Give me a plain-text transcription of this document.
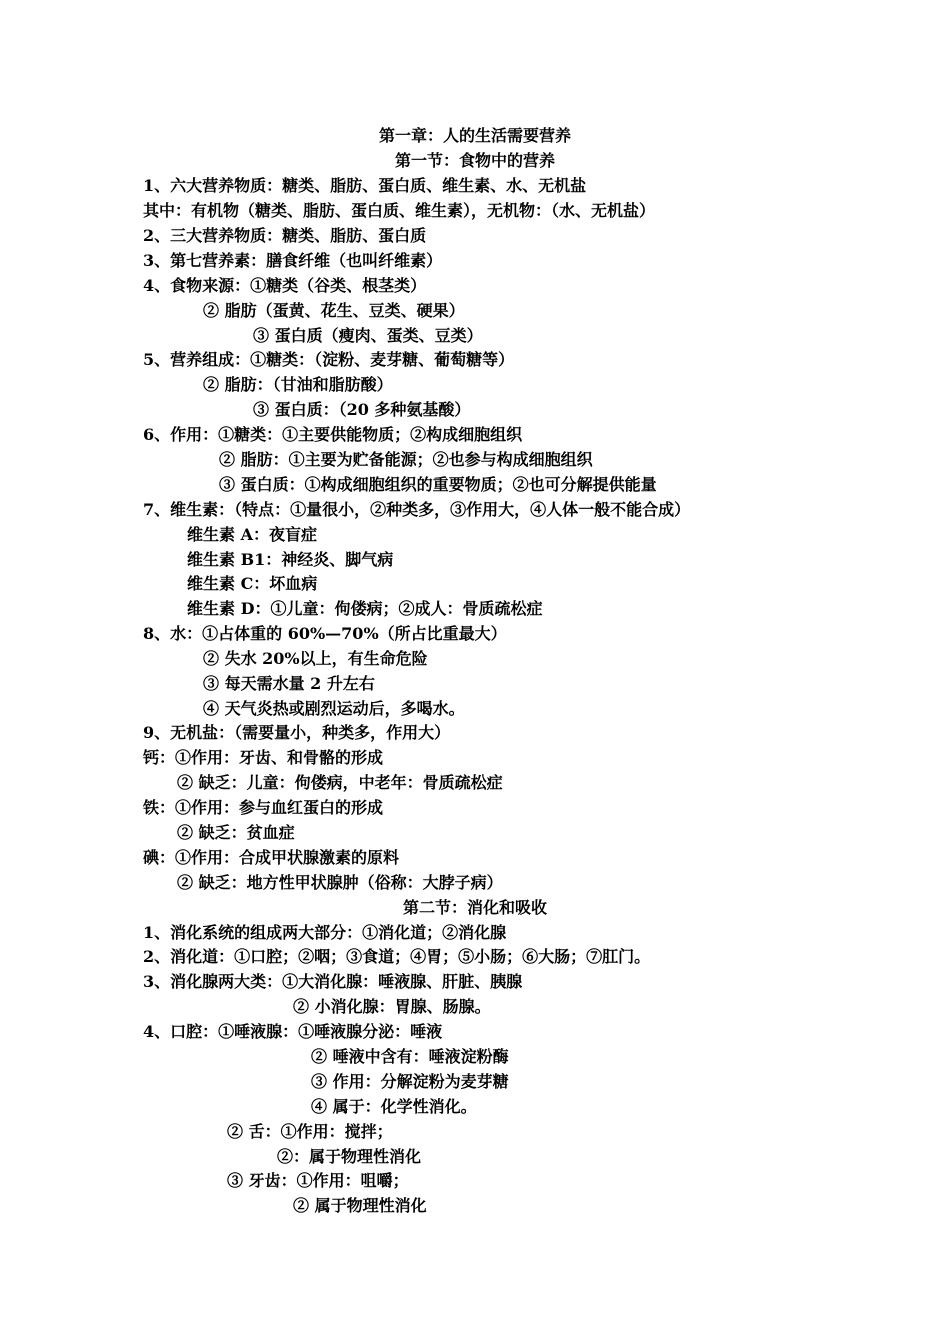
第一章：人的生活需要营养
第一节：食物中的营养
1、六大营养物质：糖类、脂肪、蛋白质、维生素、水、无机盐
其中：有机物（糖类、脂肪、蛋白质、维生素），无机物：（水、无机盐）
2、三大营养物质：糖类、脂肪、蛋白质
3、第七营养素：膳食纤维（也叫纤维素）
4、食物来源：①糖类（谷类、根茎类）
② 脂肪（蛋黄、花生、豆类、硬果）
③ 蛋白质（瘦肉、蛋类、豆类）
5、营养组成：①糖类：（淀粉、麦芽糖、葡萄糖等）
② 脂肪：（甘油和脂肪酸）
③ 蛋白质：（20 多种氨基酸）
6、作用：①糖类：①主要供能物质；②构成细胞组织
② 脂肪：①主要为贮备能源；②也参与构成细胞组织
③ 蛋白质：①构成细胞组织的重要物质；②也可分解提供能量
7、维生素：（特点：①量很小，②种类多，③作用大，④人体一般不能合成）
维生素 A：夜盲症
维生素 B1：神经炎、脚气病
维生素 C：坏血病
维生素 D：①儿童：佝偻病；②成人：骨质疏松症
8、水：①占体重的 60%—70%（所占比重最大）
② 失水 20%以上，有生命危险
③ 每天需水量 2 升左右
④ 天气炎热或剧烈运动后，多喝水。
9、无机盐：（需要量小，种类多，作用大）
钙：①作用：牙齿、和骨骼的形成
② 缺乏：儿童：佝偻病，中老年：骨质疏松症
铁：①作用：参与血红蛋白的形成
② 缺乏：贫血症
碘：①作用：合成甲状腺激素的原料
② 缺乏：地方性甲状腺肿（俗称：大脖子病）
第二节：消化和吸收
1、消化系统的组成两大部分：①消化道；②消化腺
2、消化道：①口腔；②咽；③食道；④胃；⑤小肠；⑥大肠；⑦肛门。
3、消化腺两大类：①大消化腺：唾液腺、肝脏、胰腺
② 小消化腺：胃腺、肠腺。
4、口腔：①唾液腺：①唾液腺分泌：唾液
② 唾液中含有：唾液淀粉酶
③ 作用：分解淀粉为麦芽糖
④ 属于：化学性消化。
② 舌：①作用：搅拌；
②：属于物理性消化
③ 牙齿：①作用：咀嚼；
② 属于物理性消化
